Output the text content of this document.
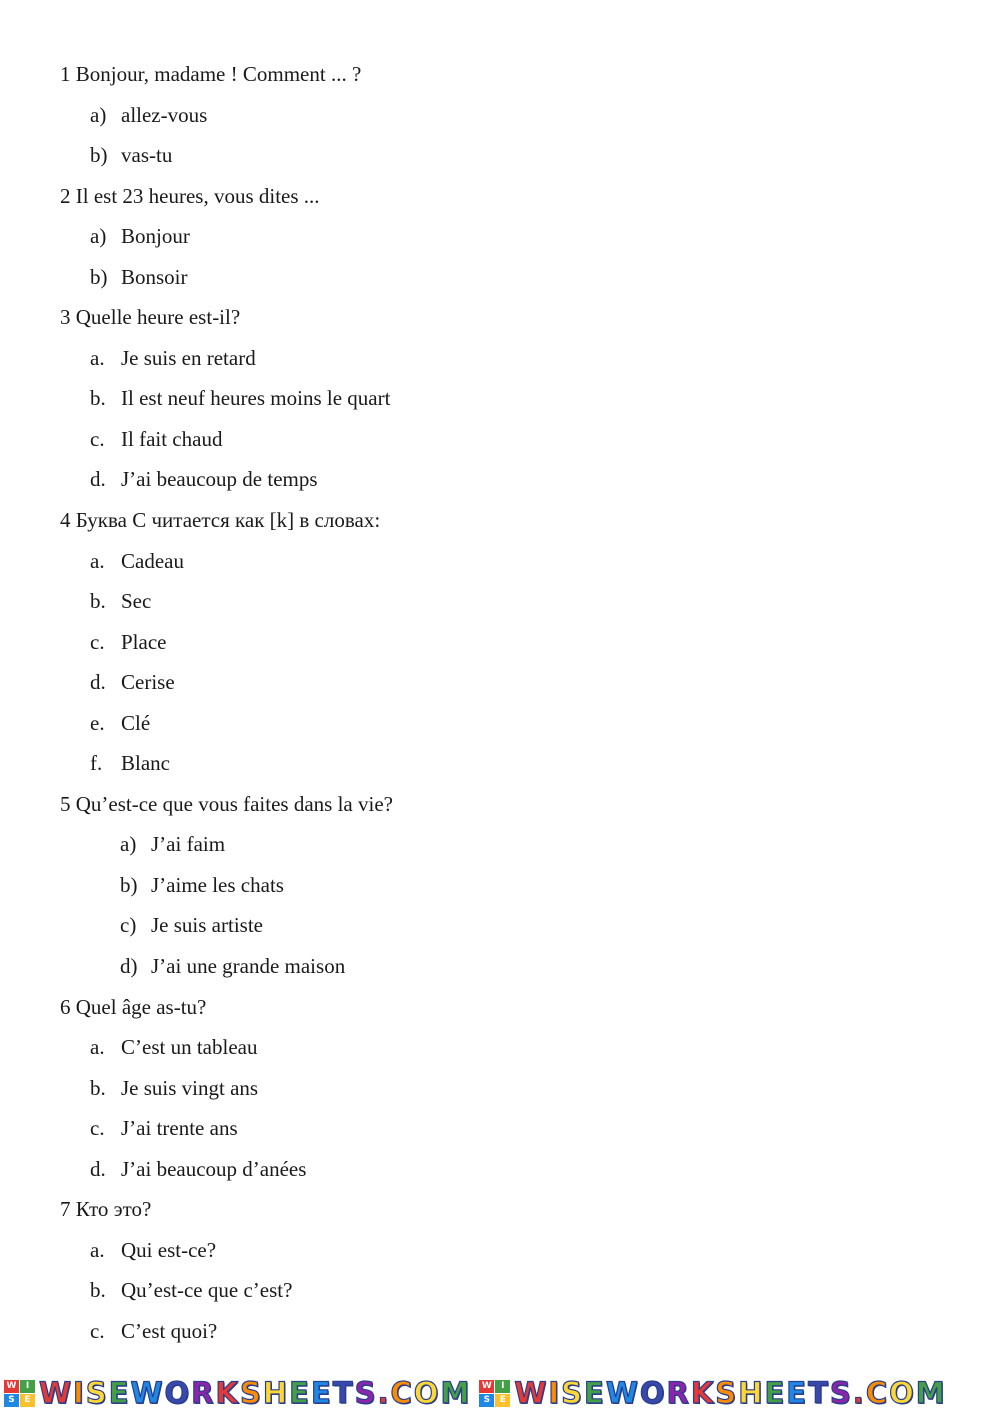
1 Bonjour, madame ! Comment ... ?
a) allez-vous
b) vas-tu
2 Il est 23 heures, vous dites ...
a) Bonjour
b) Bonsoir
3 Quelle heure est-il?
a. Je suis en retard
b. Il est neuf heures moins le quart
c. Il fait chaud
d. J’ai beaucoup de temps
4 Буква C читается как [k] в словах:
a. Cadeau
b. Sec
c. Place
d. Cerise
e. Clé
f. Blanc
5 Qu’est-ce que vous faites dans la vie?
a) J’ai faim
b) J’aime les chats
c) Je suis artiste
d) J’ai une grande maison
6 Quel âge as-tu?
a. C’est un tableau
b. Je suis vingt ans
c. J’ai trente ans
d. J’ai beaucoup d’anées
7 Кто это?
a. Qui est-ce?
b. Qu’est-ce que c’est?
c. C’est quoi?
W	I
S	E WISEWORKSHEETS.COM W	I
S	E WISEWORKSHEETS.COM
